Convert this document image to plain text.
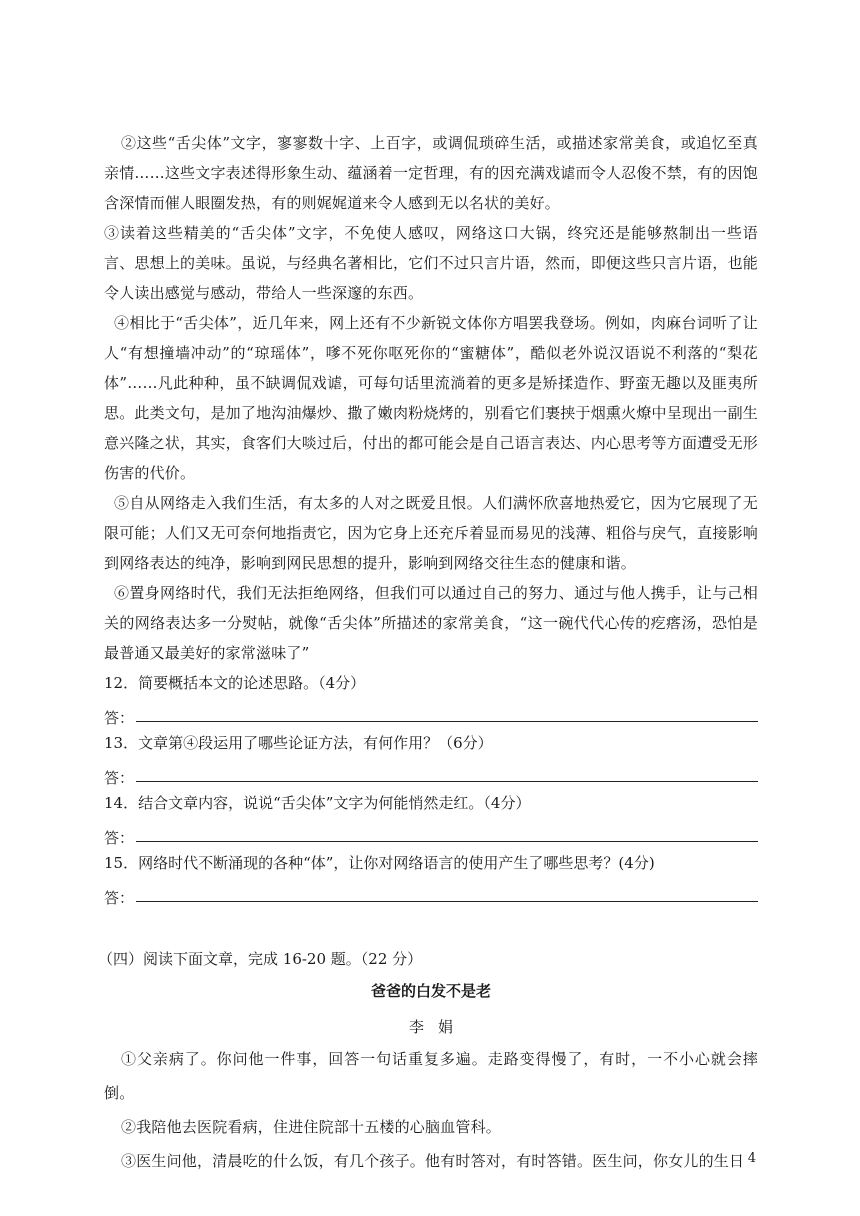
②这些“舌尖体”文字，寥寥数十字、上百字，或调侃琐碎生活，或描述家常美食，或追忆至真亲情……这些文字表述得形象生动、蕴涵着一定哲理，有的因充满戏谑而令人忍俊不禁，有的因饱含深情而催人眼圈发热，有的则娓娓道来令人感到无以名状的美好。

③读着这些精美的“舌尖体”文字，不免使人感叹，网络这口大锅，终究还是能够熬制出一些语言、思想上的美味。虽说，与经典名著相比，它们不过只言片语，然而，即便这些只言片语，也能令人读出感觉与感动，带给人一些深邃的东西。

④相比于“舌尖体”，近几年来，网上还有不少新锐文体你方唱罢我登场。例如，肉麻台词听了让人“有想撞墙冲动”的“琼瑶体”，嗲不死你呕死你的“蜜糖体”，酷似老外说汉语说不利落的“梨花体”……凡此种种，虽不缺调侃戏谑，可每句话里流淌着的更多是矫揉造作、野蛮无趣以及匪夷所思。此类文句，是加了地沟油爆炒、撒了嫩肉粉烧烤的，别看它们裹挟于烟熏火燎中呈现出一副生意兴隆之状，其实，食客们大啖过后，付出的都可能会是自己语言表达、内心思考等方面遭受无形伤害的代价。

⑤自从网络走入我们生活，有太多的人对之既爱且恨。人们满怀欣喜地热爱它，因为它展现了无限可能；人们又无可奈何地指责它，因为它身上还充斥着显而易见的浅薄、粗俗与戾气，直接影响到网络表达的纯净，影响到网民思想的提升，影响到网络交往生态的健康和谐。

⑥置身网络时代，我们无法拒绝网络，但我们可以通过自己的努力、通过与他人携手，让与己相关的网络表达多一分熨帖，就像“舌尖体”所描述的家常美食，“这一碗代代心传的疙瘩汤，恐怕是最普通又最美好的家常滋味了”

12．简要概括本文的论述思路。（4分）

答：

13．文章第④段运用了哪些论证方法，有何作用？（6分）

答：

14．结合文章内容，说说“舌尖体”文字为何能悄然走红。（4分）

答：

15．网络时代不断涌现的各种“体”，让你对网络语言的使用产生了哪些思考？(4分)

答：

（四）阅读下面文章，完成 16-20 题。（22 分）

爸爸的白发不是老

李娟

①父亲病了。你问他一件事，回答一句话重复多遍。走路变得慢了，有时，一不小心就会摔倒。

②我陪他去医院看病，住进住院部十五楼的心脑血管科。

③医生问他，清晨吃的什么饭，有几个孩子。他有时答对，有时答错。医生问，你女儿的生日 4
